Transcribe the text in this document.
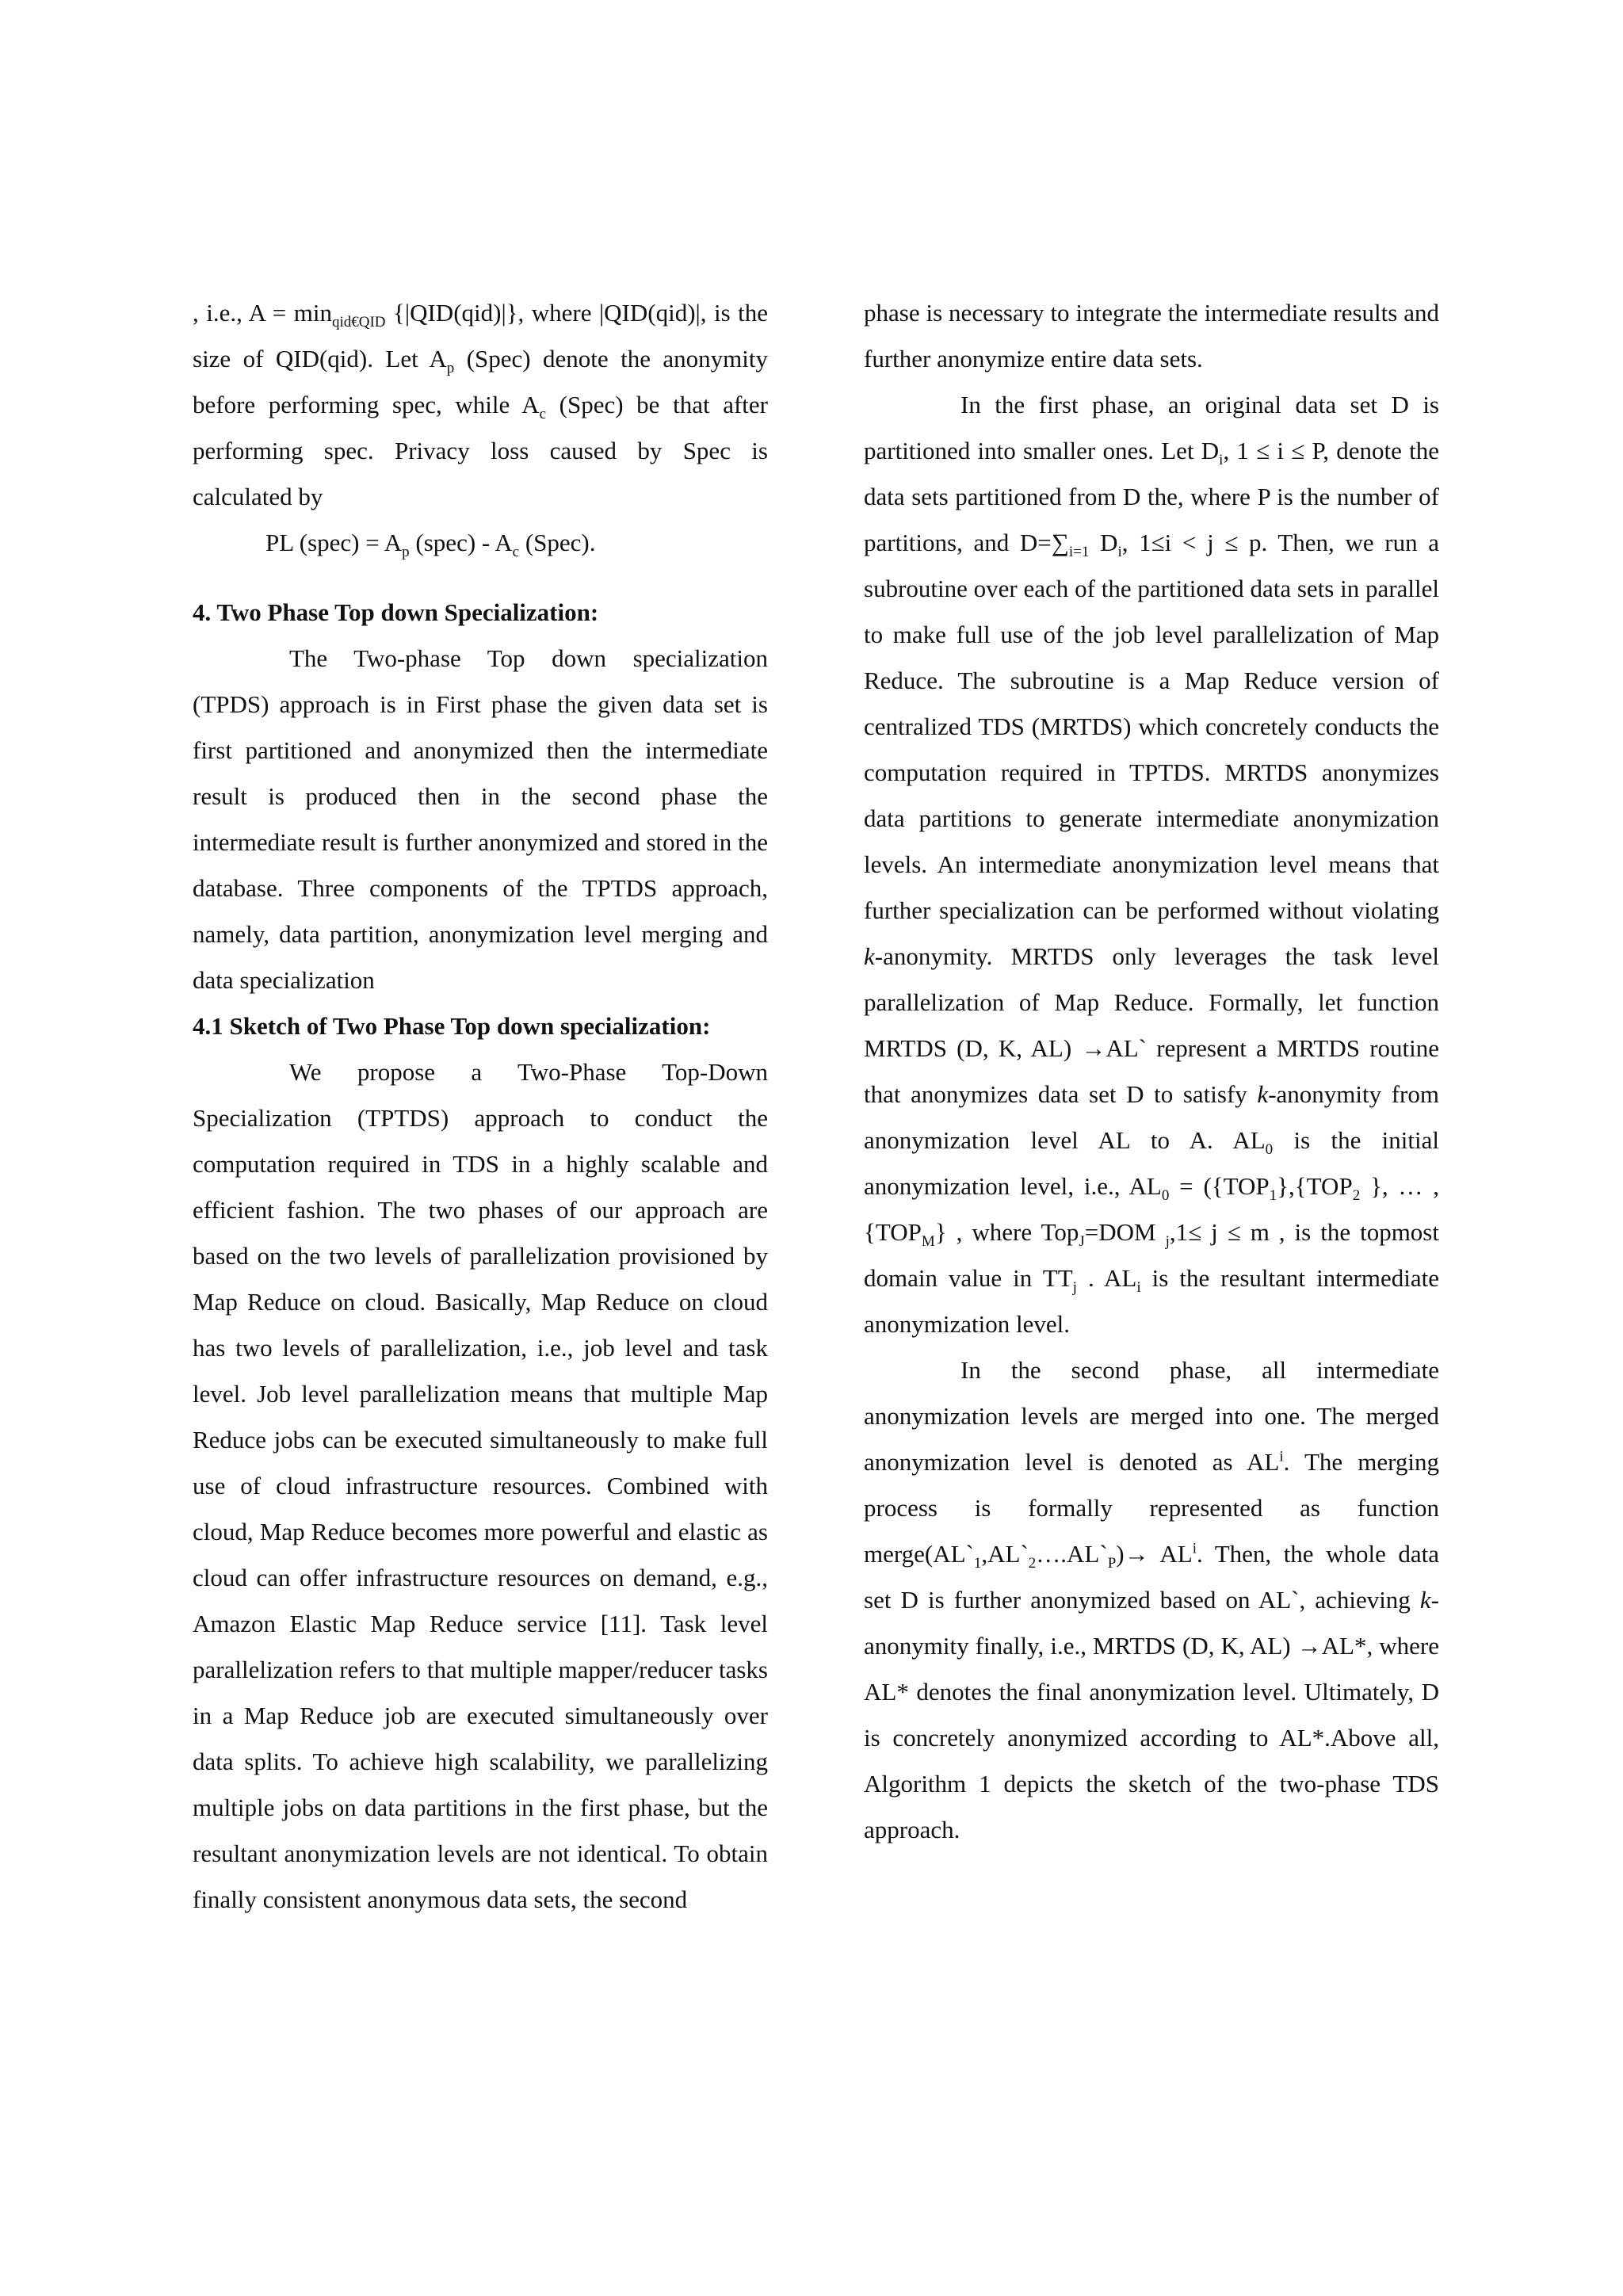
, i.e., $A = \min_{qid€QID} \{|QID(qid)|\}$, where |QID(qid)|, is the size of QID(qid). Let $A_p$ (Spec) denote the anonymity before performing spec, while $A_c$ (Spec) be that after performing spec. Privacy loss caused by Spec is calculated by

PL (spec) = $A_p$ (spec) - $A_c$ (Spec).

4. Two Phase Top down Specialization:

The Two-phase Top down specialization (TPDS) approach is in First phase the given data set is first partitioned and anonymized then the intermediate result is produced then in the second phase the intermediate result is further anonymized and stored in the database. Three components of the TPTDS approach, namely, data partition, anonymization level merging and data specialization

4.1 Sketch of Two Phase Top down specialization:

We propose a Two-Phase Top-Down Specialization (TPTDS) approach to conduct the computation required in TDS in a highly scalable and efficient fashion. The two phases of our approach are based on the two levels of parallelization provisioned by Map Reduce on cloud. Basically, Map Reduce on cloud has two levels of parallelization, i.e., job level and task level. Job level parallelization means that multiple Map Reduce jobs can be executed simultaneously to make full use of cloud infrastructure resources. Combined with cloud, Map Reduce becomes more powerful and elastic as cloud can offer infrastructure resources on demand, e.g., Amazon Elastic Map Reduce service [11]. Task level parallelization refers to that multiple mapper/reducer tasks in a Map Reduce job are executed simultaneously over data splits. To achieve high scalability, we parallelizing multiple jobs on data partitions in the first phase, but the resultant anonymization levels are not identical. To obtain finally consistent anonymous data sets, the second

phase is necessary to integrate the intermediate results and further anonymize entire data sets.

In the first phase, an original data set D is partitioned into smaller ones. Let $D_i$, 1 ≤ i ≤ P, denote the data sets partitioned from D the, where P is the number of partitions, and $D=\sum_{i=1}$ $D_i$, 1≤i < j ≤ p. Then, we run a subroutine over each of the partitioned data sets in parallel to make full use of the job level parallelization of Map Reduce. The subroutine is a Map Reduce version of centralized TDS (MRTDS) which concretely conducts the computation required in TPTDS. MRTDS anonymizes data partitions to generate intermediate anonymization levels. An intermediate anonymization level means that further specialization can be performed without violating k-anonymity. MRTDS only leverages the task level parallelization of Map Reduce. Formally, let function MRTDS (D, K, AL) →AL` represent a MRTDS routine that anonymizes data set D to satisfy k-anonymity from anonymization level AL to A. $AL_0$ is the initial anonymization level, i.e., $AL_0 = (\{TOP_1\},\{TOP_2$ }, … $,\{TOP_M\}$ , where Top$_J$=DOM $_j$,1≤ j ≤ m , is the topmost domain value in $TT_j$ . $AL_i$ is the resultant intermediate anonymization level.

In the second phase, all intermediate anonymization levels are merged into one. The merged anonymization level is denoted as $AL^i$. The merging process is formally represented as function $merge(AL`_1,AL`_2\dots.AL`_P)\to AL^i$. Then, the whole data set D is further anonymized based on AL`, achieving k-anonymity finally, i.e., MRTDS (D, K, AL) →AL*, where AL* denotes the final anonymization level. Ultimately, D is concretely anonymized according to AL*.Above all, Algorithm 1 depicts the sketch of the two-phase TDS approach.
